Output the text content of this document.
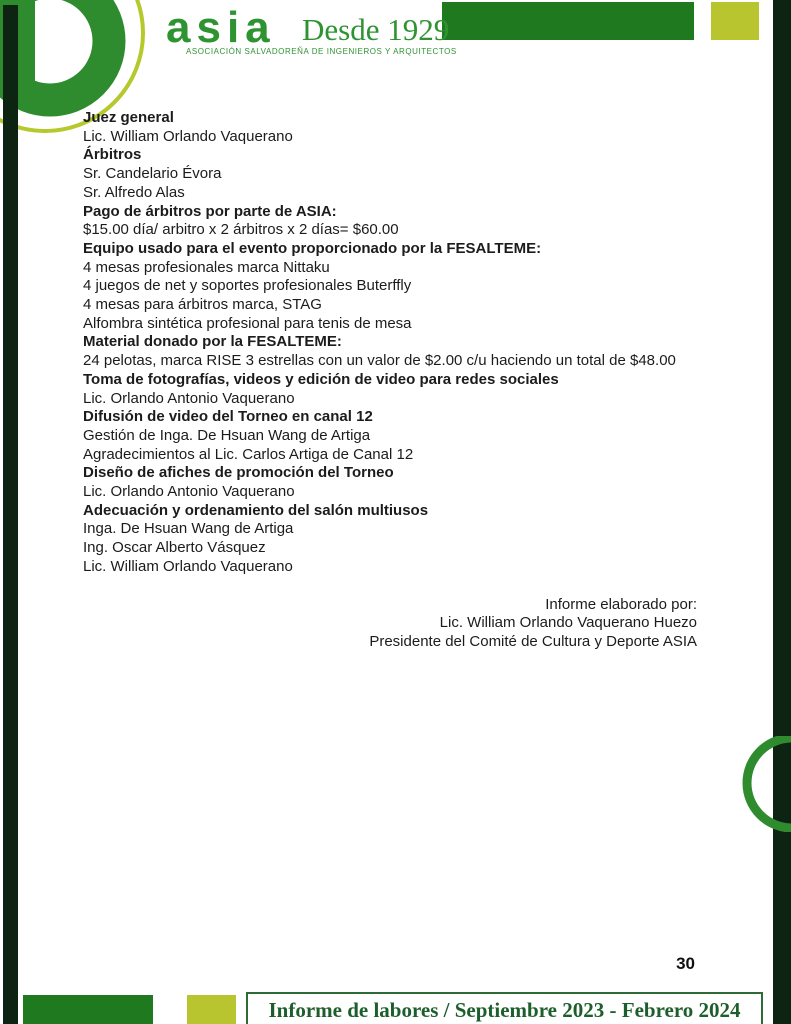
asia Desde 1929
ASOCIACIÓN SALVADOREÑA DE INGENIEROS Y ARQUITECTOS
Juez general
Lic. William Orlando Vaquerano
Árbitros
Sr. Candelario Évora
Sr. Alfredo Alas
Pago de árbitros por parte de ASIA:
$15.00 día/ arbitro x 2 árbitros x 2 días= $60.00
Equipo usado para el evento proporcionado por la FESALTEME:
4 mesas profesionales marca Nittaku
4 juegos de net y soportes profesionales Buterffly
4 mesas para árbitros marca, STAG
Alfombra sintética profesional para tenis de mesa
Material donado por la FESALTEME:
24 pelotas, marca RISE 3 estrellas con un valor de $2.00 c/u haciendo un total de $48.00
Toma de fotografías, videos y edición de video para redes sociales
Lic. Orlando Antonio Vaquerano
Difusión de video del Torneo en canal 12
Gestión de Inga. De Hsuan Wang de Artiga
Agradecimientos al Lic. Carlos Artiga de Canal 12
Diseño de afiches de promoción del Torneo
Lic. Orlando Antonio Vaquerano
Adecuación y ordenamiento del salón multiusos
Inga. De Hsuan Wang de Artiga
Ing. Oscar Alberto Vásquez
Lic. William Orlando Vaquerano
Informe elaborado por:
Lic. William Orlando Vaquerano Huezo
Presidente del Comité de Cultura y Deporte ASIA
30
Informe de labores / Septiembre 2023 - Febrero 2024
